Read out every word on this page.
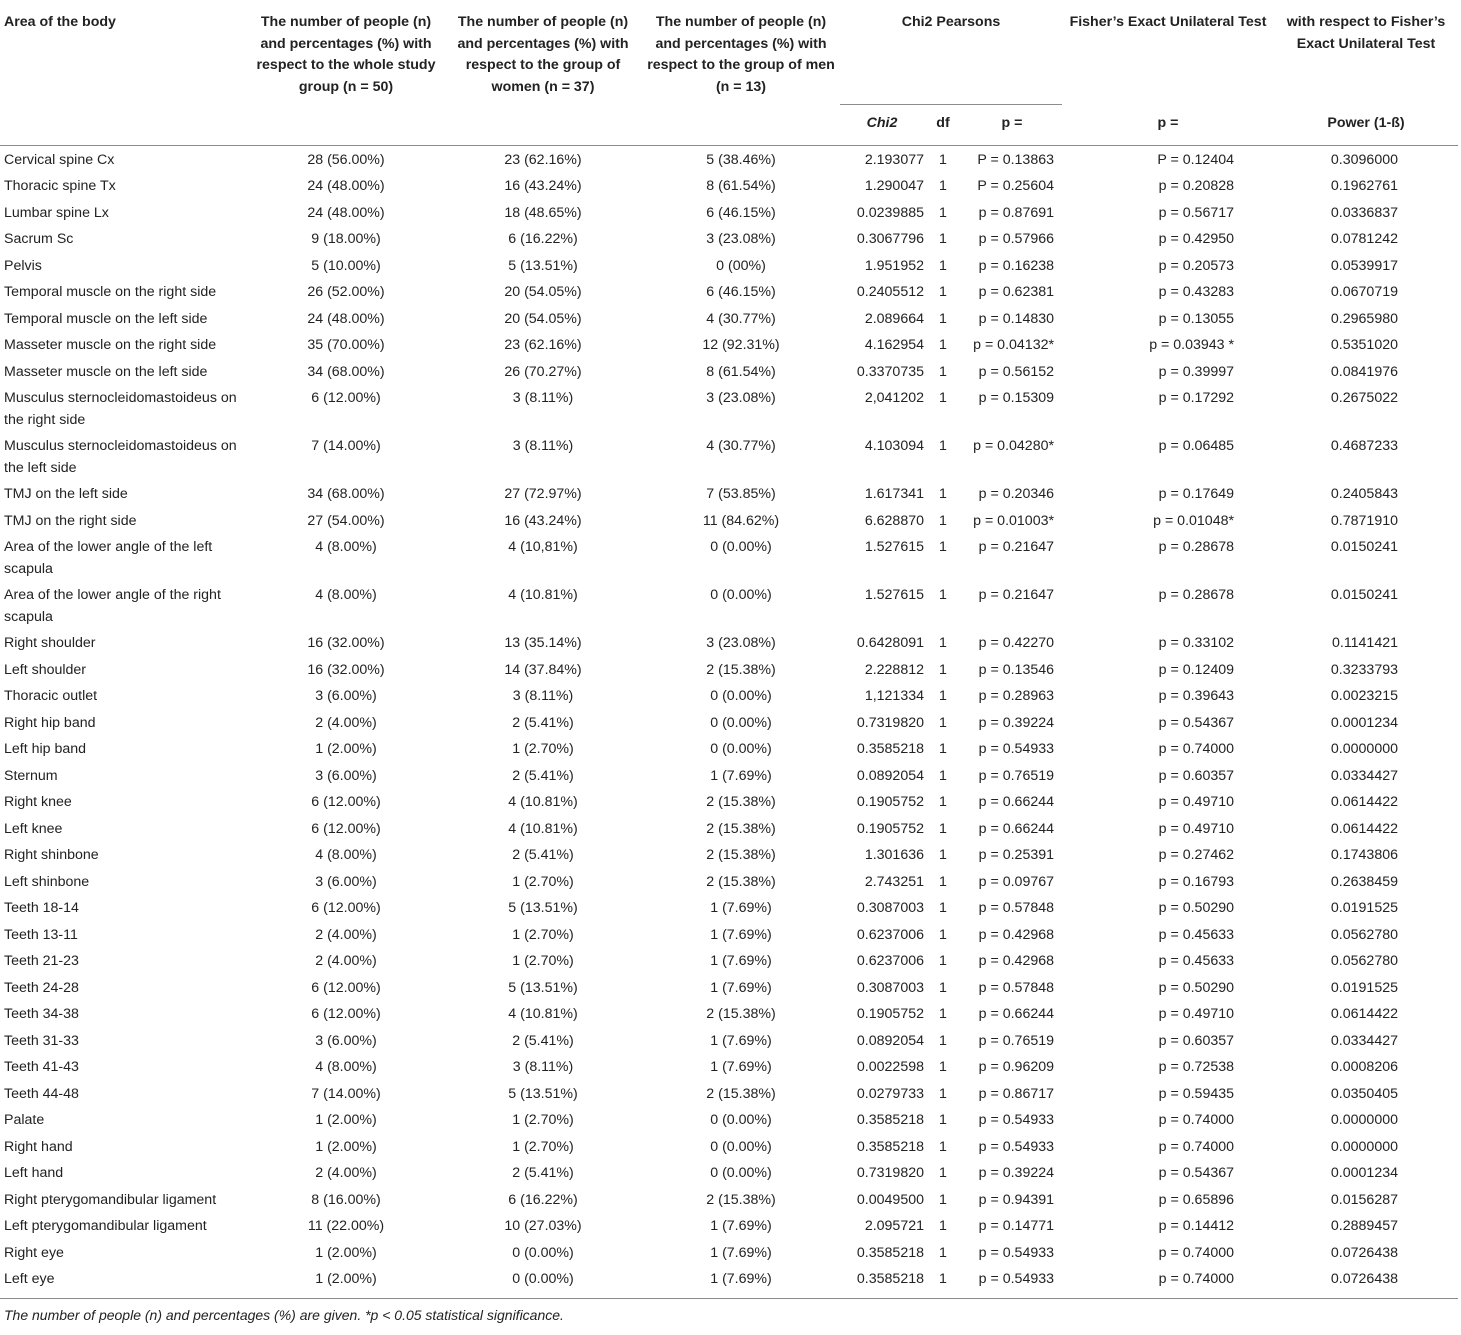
Area of the body	The number of people (n) and percentages (%) with respect to the whole study group (n = 50)	The number of people (n) and percentages (%) with respect to the group of women (n = 37)	The number of people (n) and percentages (%) with respect to the group of men (n = 13)	Chi2 Pearsons			Fisher’s Exact Unilateral Test	with respect to Fisher’s Exact Unilateral Test
				Chi2	df	p =	p =	Power (1-ß)
Cervical spine Cx	28 (56.00%)	23 (62.16%)	5 (38.46%)	2.193077	1	P = 0.13863	P = 0.12404	0.3096000
Thoracic spine Tx	24 (48.00%)	16 (43.24%)	8 (61.54%)	1.290047	1	P = 0.25604	p = 0.20828	0.1962761
Lumbar spine Lx	24 (48.00%)	18 (48.65%)	6 (46.15%)	0.0239885	1	p = 0.87691	p = 0.56717	0.0336837
Sacrum Sc	9 (18.00%)	6 (16.22%)	3 (23.08%)	0.3067796	1	p = 0.57966	p = 0.42950	0.0781242
Pelvis	5 (10.00%)	5 (13.51%)	0 (00%)	1.951952	1	p = 0.16238	p = 0.20573	0.0539917
Temporal muscle on the right side	26 (52.00%)	20 (54.05%)	6 (46.15%)	0.2405512	1	p = 0.62381	p = 0.43283	0.0670719
Temporal muscle on the left side	24 (48.00%)	20 (54.05%)	4 (30.77%)	2.089664	1	p = 0.14830	p = 0.13055	0.2965980
Masseter muscle on the right side	35 (70.00%)	23 (62.16%)	12 (92.31%)	4.162954	1	p = 0.04132*	p = 0.03943 *	0.5351020
Masseter muscle on the left side	34 (68.00%)	26 (70.27%)	8 (61.54%)	0.3370735	1	p = 0.56152	p = 0.39997	0.0841976
Musculus sternocleidomastoideus on the right side	6 (12.00%)	3 (8.11%)	3 (23.08%)	2,041202	1	p = 0.15309	p = 0.17292	0.2675022
Musculus sternocleidomastoideus on the left side	7 (14.00%)	3 (8.11%)	4 (30.77%)	4.103094	1	p = 0.04280*	p = 0.06485	0.4687233
TMJ on the left side	34 (68.00%)	27 (72.97%)	7 (53.85%)	1.617341	1	p = 0.20346	p = 0.17649	0.2405843
TMJ on the right side	27 (54.00%)	16 (43.24%)	11 (84.62%)	6.628870	1	p = 0.01003*	p = 0.01048*	0.7871910
Area of the lower angle of the left scapula	4 (8.00%)	4 (10,81%)	0 (0.00%)	1.527615	1	p = 0.21647	p = 0.28678	0.0150241
Area of the lower angle of the right scapula	4 (8.00%)	4 (10.81%)	0 (0.00%)	1.527615	1	p = 0.21647	p = 0.28678	0.0150241
Right shoulder	16 (32.00%)	13 (35.14%)	3 (23.08%)	0.6428091	1	p = 0.42270	p = 0.33102	0.1141421
Left shoulder	16 (32.00%)	14 (37.84%)	2 (15.38%)	2.228812	1	p = 0.13546	p = 0.12409	0.3233793
Thoracic outlet	3 (6.00%)	3 (8.11%)	0 (0.00%)	1,121334	1	p = 0.28963	p = 0.39643	0.0023215
Right hip band	2 (4.00%)	2 (5.41%)	0 (0.00%)	0.7319820	1	p = 0.39224	p = 0.54367	0.0001234
Left hip band	1 (2.00%)	1 (2.70%)	0 (0.00%)	0.3585218	1	p = 0.54933	p = 0.74000	0.0000000
Sternum	3 (6.00%)	2 (5.41%)	1 (7.69%)	0.0892054	1	p = 0.76519	p = 0.60357	0.0334427
Right knee	6 (12.00%)	4 (10.81%)	2 (15.38%)	0.1905752	1	p = 0.66244	p = 0.49710	0.0614422
Left knee	6 (12.00%)	4 (10.81%)	2 (15.38%)	0.1905752	1	p = 0.66244	p = 0.49710	0.0614422
Right shinbone	4 (8.00%)	2 (5.41%)	2 (15.38%)	1.301636	1	p = 0.25391	p = 0.27462	0.1743806
Left shinbone	3 (6.00%)	1 (2.70%)	2 (15.38%)	2.743251	1	p = 0.09767	p = 0.16793	0.2638459
Teeth 18-14	6 (12.00%)	5 (13.51%)	1 (7.69%)	0.3087003	1	p = 0.57848	p = 0.50290	0.0191525
Teeth 13-11	2 (4.00%)	1 (2.70%)	1 (7.69%)	0.6237006	1	p = 0.42968	p = 0.45633	0.0562780
Teeth 21-23	2 (4.00%)	1 (2.70%)	1 (7.69%)	0.6237006	1	p = 0.42968	p = 0.45633	0.0562780
Teeth 24-28	6 (12.00%)	5 (13.51%)	1 (7.69%)	0.3087003	1	p = 0.57848	p = 0.50290	0.0191525
Teeth 34-38	6 (12.00%)	4 (10.81%)	2 (15.38%)	0.1905752	1	p = 0.66244	p = 0.49710	0.0614422
Teeth 31-33	3 (6.00%)	2 (5.41%)	1 (7.69%)	0.0892054	1	p = 0.76519	p = 0.60357	0.0334427
Teeth 41-43	4 (8.00%)	3 (8.11%)	1 (7.69%)	0.0022598	1	p = 0.96209	p = 0.72538	0.0008206
Teeth 44-48	7 (14.00%)	5 (13.51%)	2 (15.38%)	0.0279733	1	p = 0.86717	p = 0.59435	0.0350405
Palate	1 (2.00%)	1 (2.70%)	0 (0.00%)	0.3585218	1	p = 0.54933	p = 0.74000	0.0000000
Right hand	1 (2.00%)	1 (2.70%)	0 (0.00%)	0.3585218	1	p = 0.54933	p = 0.74000	0.0000000
Left hand	2 (4.00%)	2 (5.41%)	0 (0.00%)	0.7319820	1	p = 0.39224	p = 0.54367	0.0001234
Right pterygomandibular ligament	8 (16.00%)	6 (16.22%)	2 (15.38%)	0.0049500	1	p = 0.94391	p = 0.65896	0.0156287
Left pterygomandibular ligament	11 (22.00%)	10 (27.03%)	1 (7.69%)	2.095721	1	p = 0.14771	p = 0.14412	0.2889457
Right eye	1 (2.00%)	0 (0.00%)	1 (7.69%)	0.3585218	1	p = 0.54933	p = 0.74000	0.0726438
Left eye	1 (2.00%)	0 (0.00%)	1 (7.69%)	0.3585218	1	p = 0.54933	p = 0.74000	0.0726438
The number of people (n) and percentages (%) are given. *p < 0.05 statistical significance.
